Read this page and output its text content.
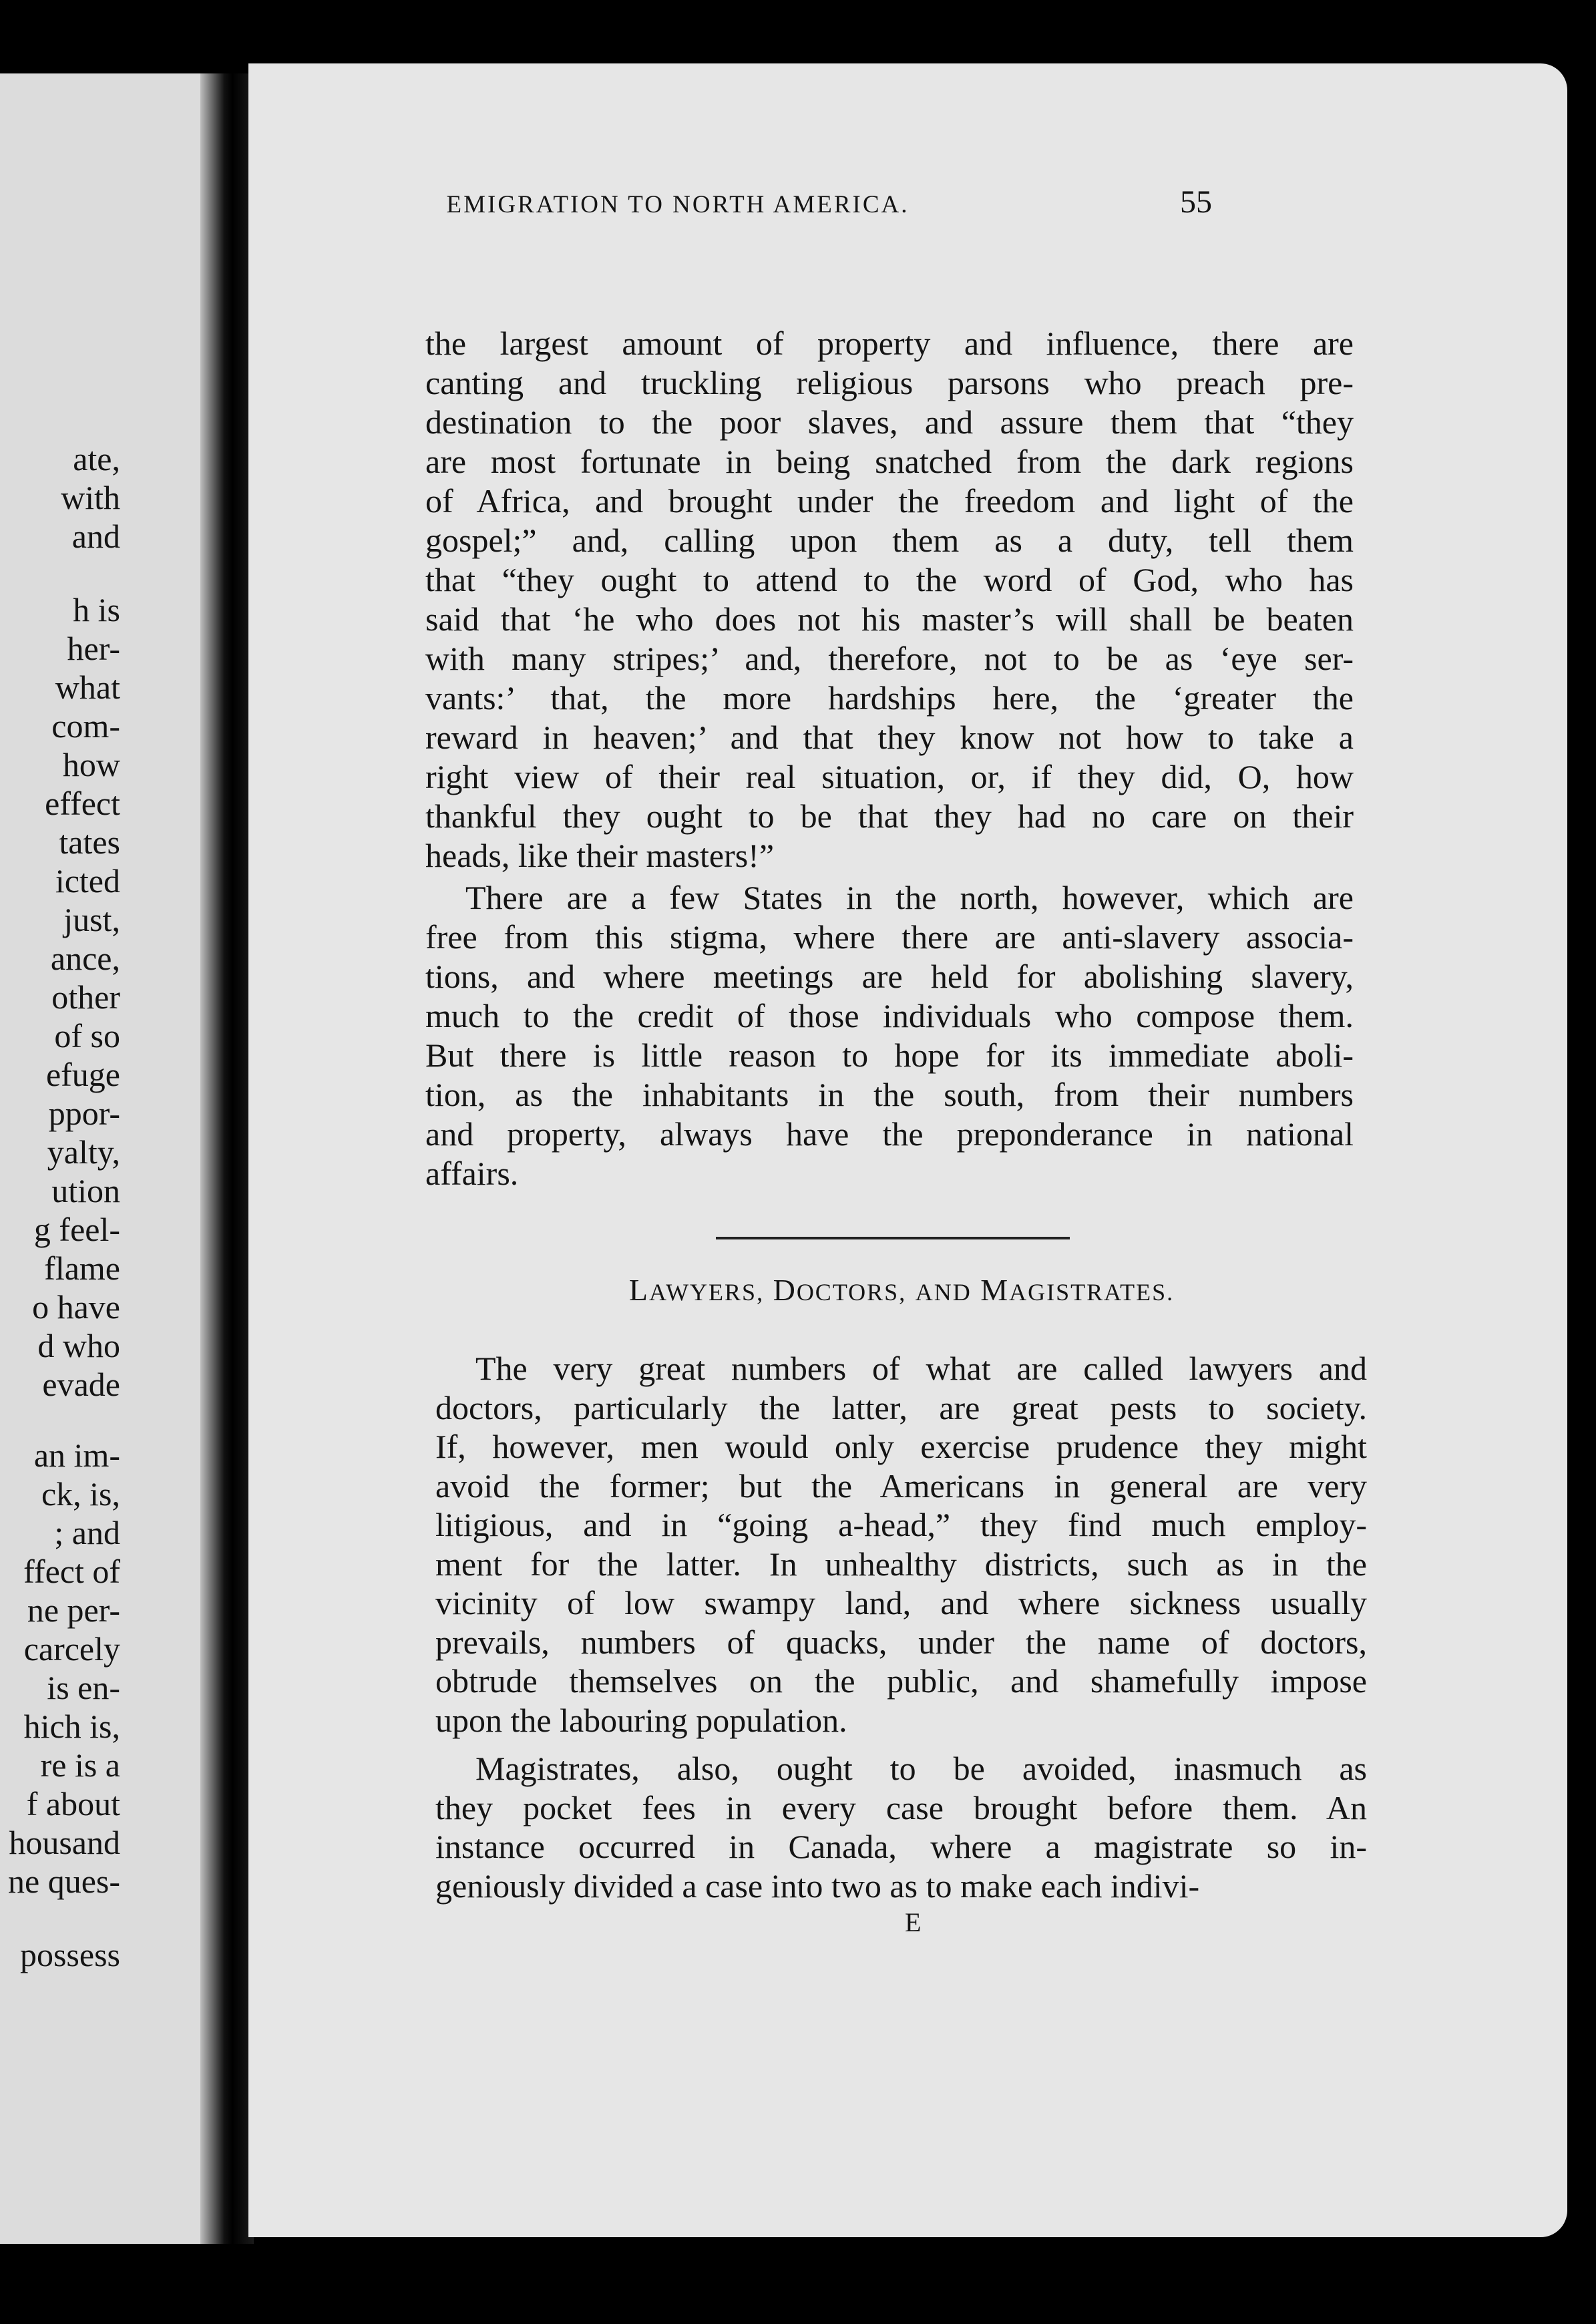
ate,
with
and
h is
her-
what
com-
how
effect
tates
icted
just,
ance,
other
of so
efuge
ppor-
yalty,
ution
g feel-
flame
o have
d who
evade
an im-
ck, is,
; and
ffect of
ne per-
carcely
is en-
hich is,
re is a
f about
housand
ne ques-
possess
EMIGRATION TO NORTH AMERICA.	55
the largest amount of property and influence, there are
canting and truckling religious parsons who preach pre-
destination to the poor slaves, and assure them that “they
are most fortunate in being snatched from the dark regions
of Africa, and brought under the freedom and light of the
gospel;” and, calling upon them as a duty, tell them
that “they ought to attend to the word of God, who has
said that ‘he who does not his master’s will shall be beaten
with many stripes;’ and, therefore, not to be as ‘eye ser-
vants:’ that, the more hardships here, the ‘greater the
reward in heaven;’ and that they know not how to take a
right view of their real situation, or, if they did, O, how
thankful they ought to be that they had no care on their
heads, like their masters!”
There are a few States in the north, however, which are
free from this stigma, where there are anti-slavery associa-
tions, and where meetings are held for abolishing slavery,
much to the credit of those individuals who compose them.
But there is little reason to hope for its immediate aboli-
tion, as the inhabitants in the south, from their numbers
and property, always have the preponderance in national
affairs.
LAWYERS, DOCTORS, AND MAGISTRATES.
The very great numbers of what are called lawyers and
doctors, particularly the latter, are great pests to society.
If, however, men would only exercise prudence they might
avoid the former; but the Americans in general are very
litigious, and in “going a-head,” they find much employ-
ment for the latter. In unhealthy districts, such as in the
vicinity of low swampy land, and where sickness usually
prevails, numbers of quacks, under the name of doctors,
obtrude themselves on the public, and shamefully impose
upon the labouring population.
Magistrates, also, ought to be avoided, inasmuch as
they pocket fees in every case brought before them. An
instance occurred in Canada, where a magistrate so in-
geniously divided a case into two as to make each indivi-
E
